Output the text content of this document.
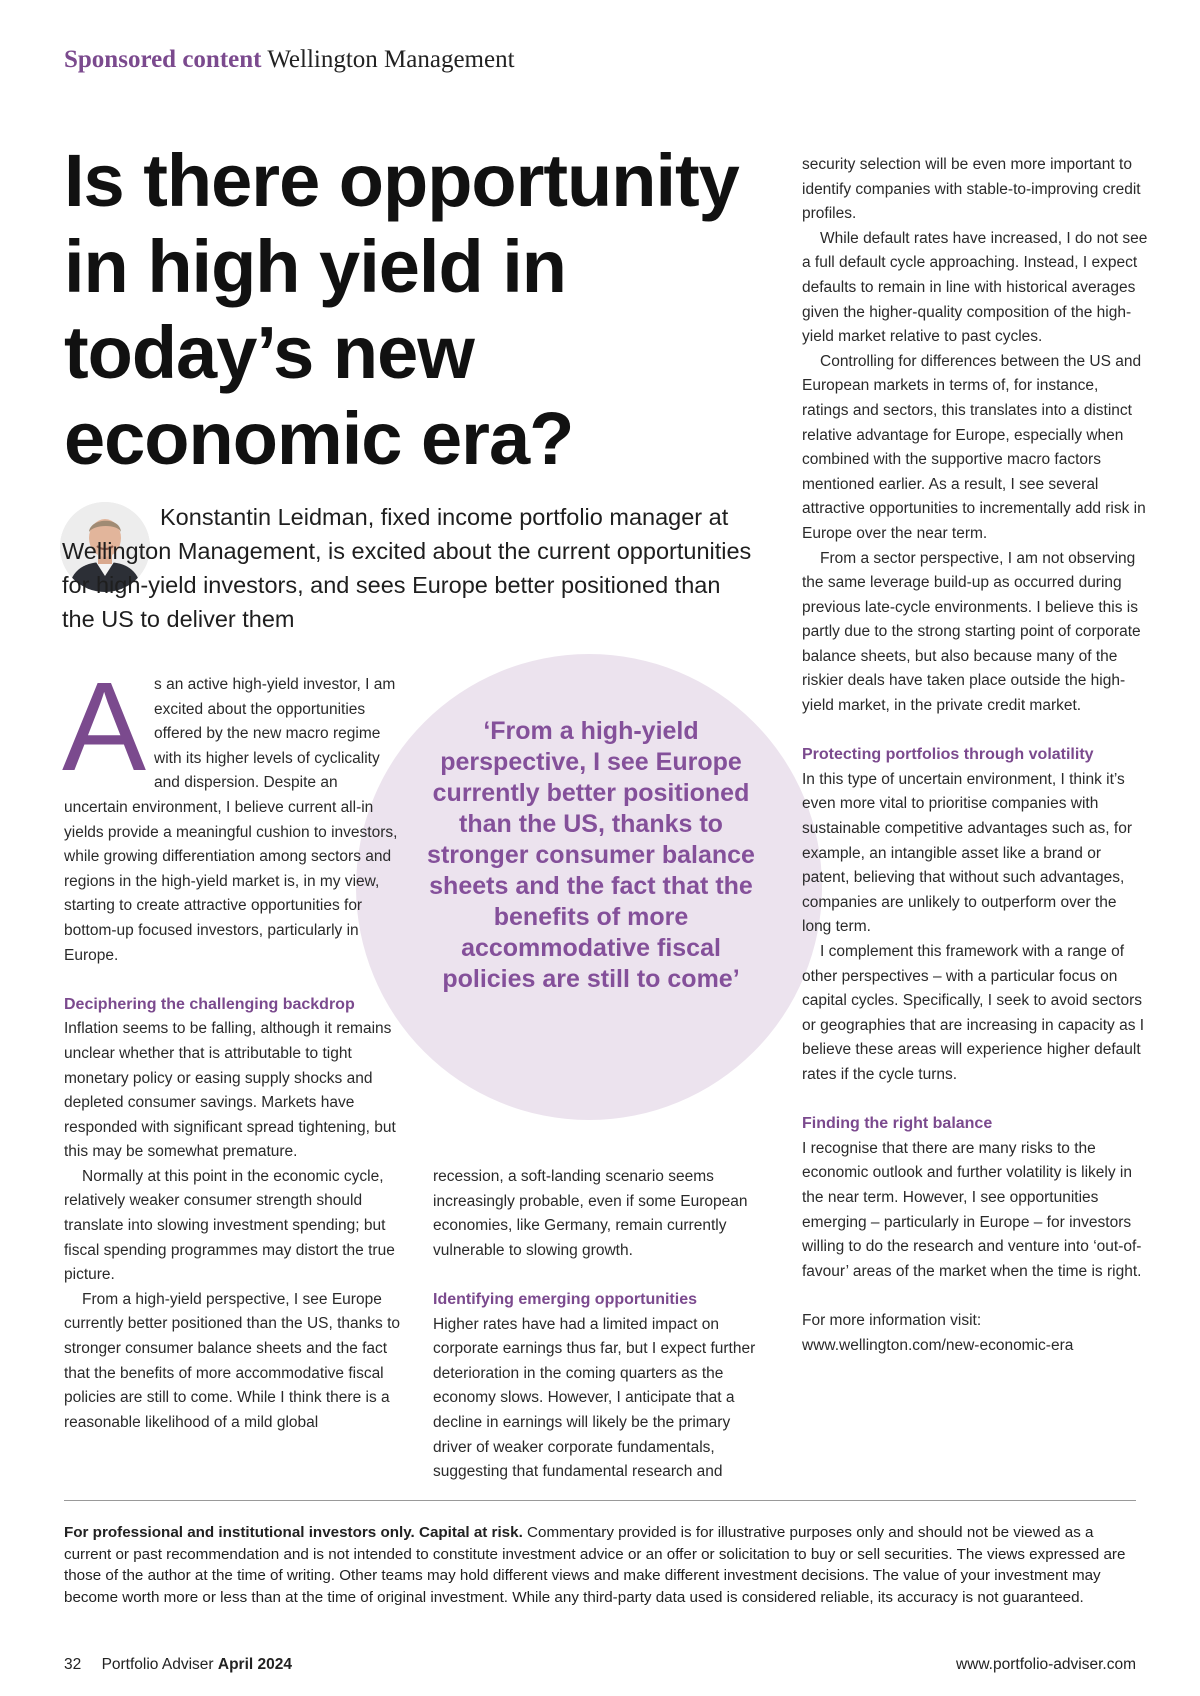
Sponsored content Wellington Management
Is there opportunity in high yield in today’s new economic era?

Konstantin Leidman, fixed income portfolio manager at Wellington Management, is excited about the current opportunities for high-yield investors, and sees Europe better positioned than the US to deliver them

‘From a high-yield perspective, I see Europe currently better positioned than the US, thanks to stronger consumer balance sheets and the fact that the benefits of more accommodative fiscal policies are still to come’
A s an active high-yield investor, I am excited about the opportunities offered by the new macro regime with its higher levels of cyclicality and dispersion. Despite an uncertain environment, I believe current all-in yields provide a meaningful cushion to investors, while growing differentiation among sectors and regions in the high-yield market is, in my view, starting to create attractive opportunities for bottom-up focused investors, particularly in Europe.

Deciphering the challenging backdrop

Inflation seems to be falling, although it remains unclear whether that is attributable to tight monetary policy or easing supply shocks and depleted consumer savings. Markets have responded with significant spread tightening, but this may be somewhat premature.

Normally at this point in the economic cycle, relatively weaker consumer strength should translate into slowing investment spending; but fiscal spending programmes may distort the true picture.

From a high-yield perspective, I see Europe currently better positioned than the US, thanks to stronger consumer balance sheets and the fact that the benefits of more accommodative fiscal policies are still to come. While I think there is a reasonable likelihood of a mild global

recession, a soft-landing scenario seems increasingly probable, even if some European economies, like Germany, remain currently vulnerable to slowing growth.

Identifying emerging opportunities

Higher rates have had a limited impact on corporate earnings thus far, but I expect further deterioration in the coming quarters as the economy slows. However, I anticipate that a decline in earnings will likely be the primary driver of weaker corporate fundamentals, suggesting that fundamental research and

security selection will be even more important to identify companies with stable-to-improving credit profiles.

While default rates have increased, I do not see a full default cycle approaching. Instead, I expect defaults to remain in line with historical averages given the higher-quality composition of the high-yield market relative to past cycles.

Controlling for differences between the US and European markets in terms of, for instance, ratings and sectors, this translates into a distinct relative advantage for Europe, especially when combined with the supportive macro factors mentioned earlier. As a result, I see several attractive opportunities to incrementally add risk in Europe over the near term.

From a sector perspective, I am not observing the same leverage build-up as occurred during previous late-cycle environments. I believe this is partly due to the strong starting point of corporate balance sheets, but also because many of the riskier deals have taken place outside the high-yield market, in the private credit market.

Protecting portfolios through volatility

In this type of uncertain environment, I think it’s even more vital to prioritise companies with sustainable competitive advantages such as, for example, an intangible asset like a brand or patent, believing that without such advantages, companies are unlikely to outperform over the long term.

I complement this framework with a range of other perspectives – with a particular focus on capital cycles. Specifically, I seek to avoid sectors or geographies that are increasing in capacity as I believe these areas will experience higher default rates if the cycle turns.

Finding the right balance

I recognise that there are many risks to the economic outlook and further volatility is likely in the near term. However, I see opportunities emerging – particularly in Europe – for investors willing to do the research and venture into ‘out-of-favour’ areas of the market when the time is right.

For more information visit: www.wellington.com/new-economic-era

For professional and institutional investors only. Capital at risk. Commentary provided is for illustrative purposes only and should not be viewed as a current or past recommendation and is not intended to constitute investment advice or an offer or solicitation to buy or sell securities. The views expressed are those of the author at the time of writing. Other teams may hold different views and make different investment decisions. The value of your investment may become worth more or less than at the time of original investment. While any third-party data used is considered reliable, its accuracy is not guaranteed.

32 Portfolio Adviser April 2024	www.portfolio-adviser.com
